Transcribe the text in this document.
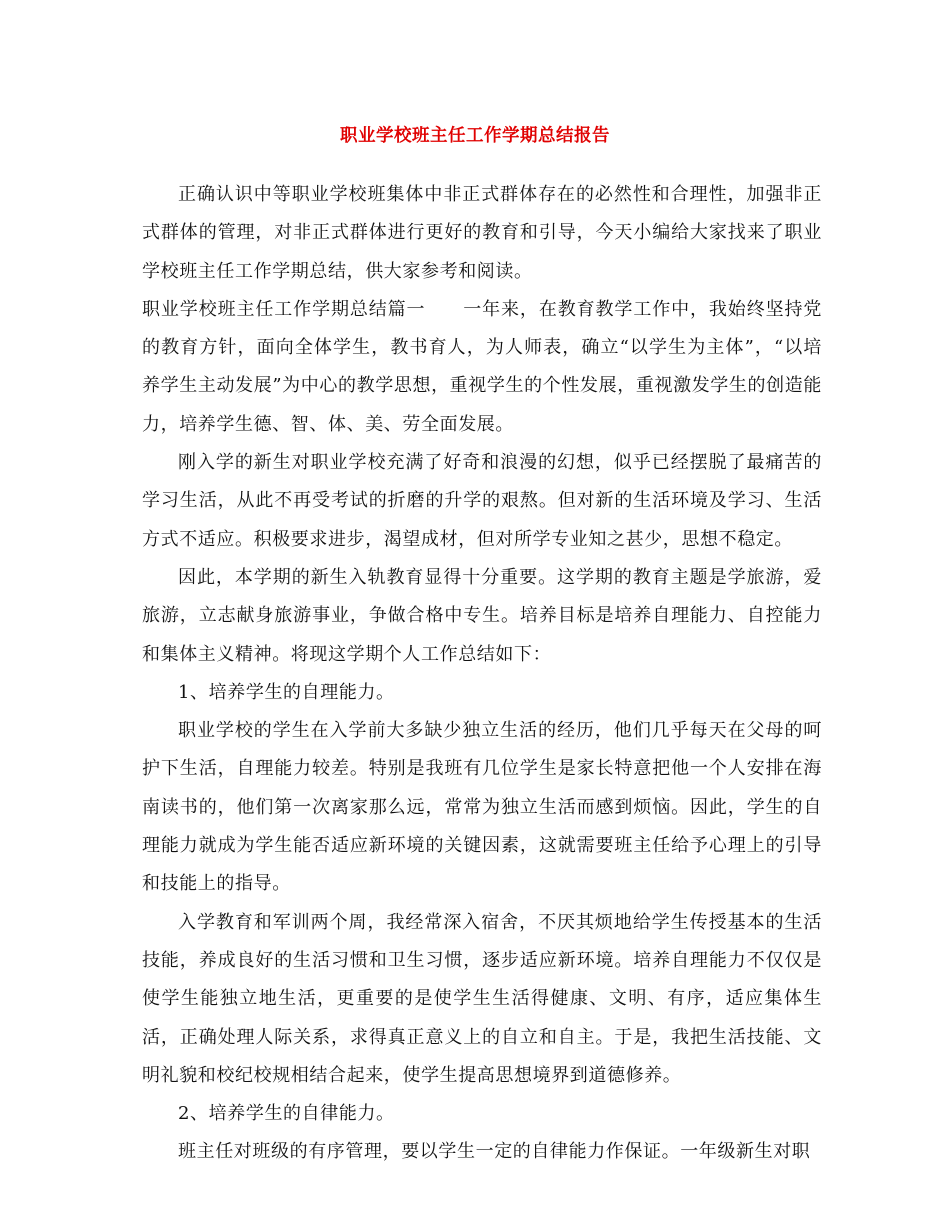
职业学校班主任工作学期总结报告

正确认识中等职业学校班集体中非正式群体存在的必然性和合理性，加强非正式群体的管理，对非正式群体进行更好的教育和引导，今天小编给大家找来了职业学校班主任工作学期总结，供大家参考和阅读。

职业学校班主任工作学期总结篇一　　一年来，在教育教学工作中，我始终坚持党的教育方针，面向全体学生，教书育人，为人师表，确立“以学生为主体”，“以培养学生主动发展”为中心的教学思想，重视学生的个性发展，重视激发学生的创造能力，培养学生德、智、体、美、劳全面发展。

刚入学的新生对职业学校充满了好奇和浪漫的幻想，似乎已经摆脱了最痛苦的学习生活，从此不再受考试的折磨的升学的艰熬。但对新的生活环境及学习、生活方式不适应。积极要求进步，渴望成材，但对所学专业知之甚少，思想不稳定。

因此，本学期的新生入轨教育显得十分重要。这学期的教育主题是学旅游，爱旅游，立志献身旅游事业，争做合格中专生。培养目标是培养自理能力、自控能力和集体主义精神。将现这学期个人工作总结如下：

1、培养学生的自理能力。

职业学校的学生在入学前大多缺少独立生活的经历，他们几乎每天在父母的呵护下生活，自理能力较差。特别是我班有几位学生是家长特意把他一个人安排在海南读书的，他们第一次离家那么远，常常为独立生活而感到烦恼。因此，学生的自理能力就成为学生能否适应新环境的关键因素，这就需要班主任给予心理上的引导和技能上的指导。

入学教育和军训两个周，我经常深入宿舍，不厌其烦地给学生传授基本的生活技能，养成良好的生活习惯和卫生习惯，逐步适应新环境。培养自理能力不仅仅是使学生能独立地生活，更重要的是使学生生活得健康、文明、有序，适应集体生活，正确处理人际关系，求得真正意义上的自立和自主。于是，我把生活技能、文明礼貌和校纪校规相结合起来，使学生提高思想境界到道德修养。

2、培养学生的自律能力。

班主任对班级的有序管理，要以学生一定的自律能力作保证。一年级新生对职
